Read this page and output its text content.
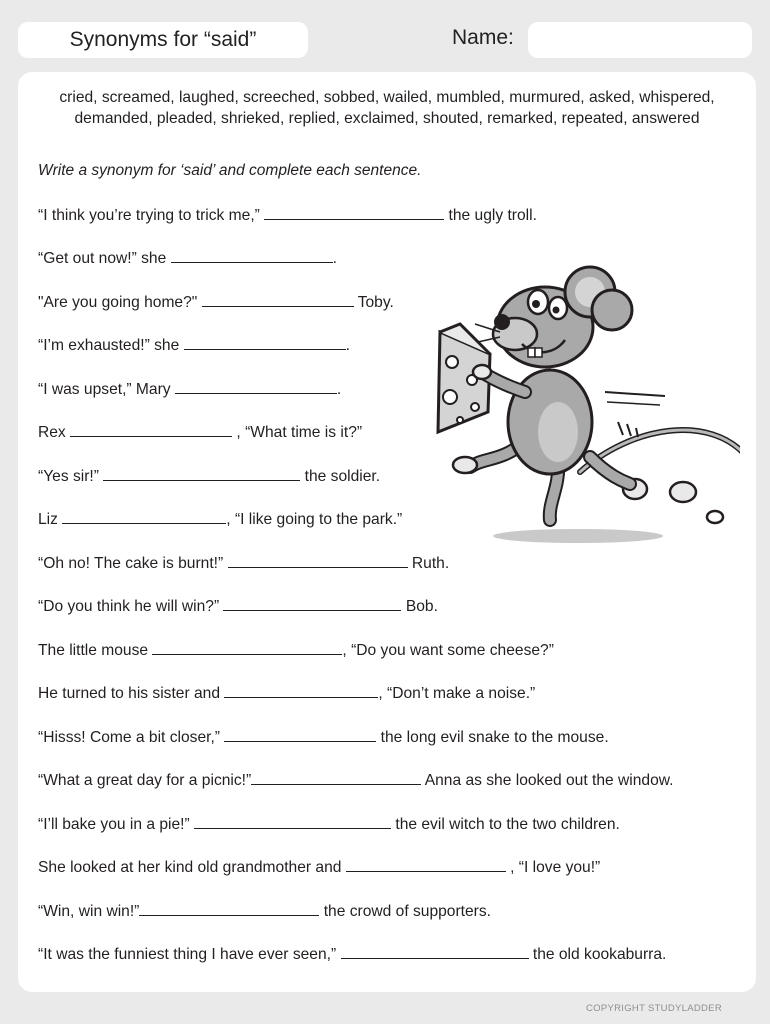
Synonyms for “said”	Name:
cried, screamed, laughed, screeched, sobbed, wailed, mumbled, murmured, asked, whispered,
demanded, pleaded, shrieked, replied, exclaimed, shouted, remarked, repeated, answered
Write a synonym for ‘said’ and complete each sentence.
“I think you’re trying to trick me,”	the ugly troll.
“Get out now!” she	.
"Are you going home?"	Toby.
“I’m exhausted!” she	.
“I was upset,” Mary	.
Rex	, “What time is it?”
“Yes sir!”	the soldier.
Liz	, “I like going to the park.”
“Oh no! The cake is burnt!”	Ruth.
“Do you think he will win?”	Bob.
The little mouse	, “Do you want some cheese?”
He turned to his sister and	, “Don’t make a noise.”
“Hisss! Come a bit closer,”	the long evil snake to the mouse.
“What a great day for a picnic!”	Anna as she looked out the window.
“I’ll bake you in a pie!”	the evil witch to the two children.
She looked at her kind old grandmother and	, “I love you!”
“Win, win win!”	the crowd of supporters.
“It was the funniest thing I have ever seen,”	the old kookaburra.
COPYRIGHT STUDYLADDER
